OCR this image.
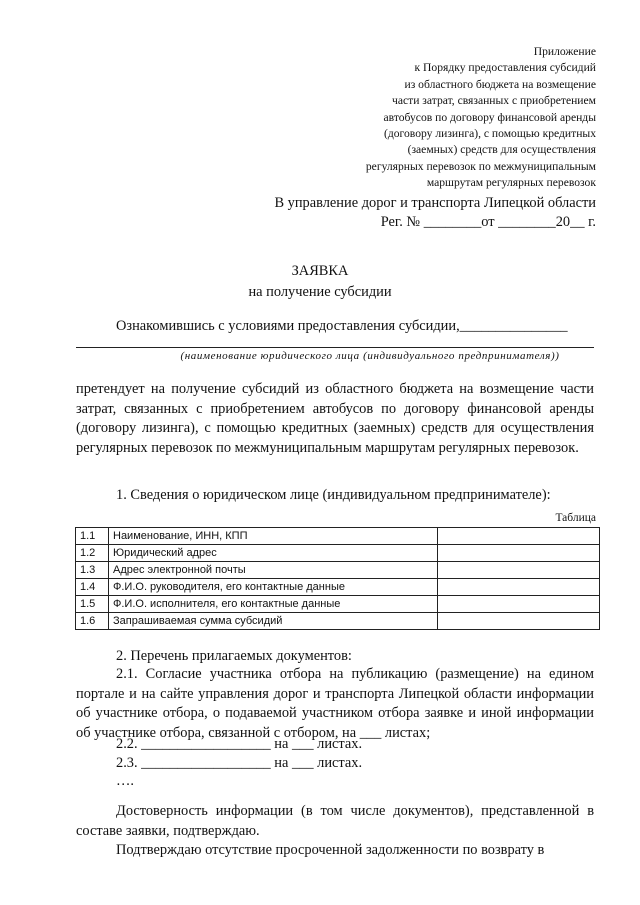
Приложение
к Порядку предоставления субсидий
из областного бюджета на возмещение
части затрат, связанных с приобретением
автобусов по договору финансовой аренды
(договору лизинга), с помощью кредитных
(заемных) средств для осуществления
регулярных перевозок по межмуниципальным
маршрутам регулярных перевозок
В управление дорог и транспорта Липецкой области
Рег. № ________от ________20__ г.
ЗАЯВКА
на получение субсидии
Ознакомившись с условиями предоставления субсидии,_______________
(наименование юридического лица (индивидуального предпринимателя))
претендует на получение субсидий из областного бюджета на возмещение части затрат, связанных с приобретением автобусов по договору финансовой аренды (договору лизинга), с помощью кредитных (заемных) средств для осуществления регулярных перевозок по межмуниципальным маршрутам регулярных перевозок.
1. Сведения о юридическом лице (индивидуальном предпринимателе):
Таблица
1.1	Наименование, ИНН, КПП	
1.2	Юридический адрес	
1.3	Адрес электронной почты	
1.4	Ф.И.О. руководителя, его контактные данные	
1.5	Ф.И.О. исполнителя, его контактные данные	
1.6	Запрашиваемая сумма субсидий	
2. Перечень прилагаемых документов:
2.1. Согласие участника отбора на публикацию (размещение) на едином портале и на сайте управления дорог и транспорта Липецкой области информации об участнике отбора, о подаваемой участником отбора заявке и иной информации об участнике отбора, связанной с отбором, на ___ листах;
2.2. __________________ на ___ листах.
2.3. __________________ на ___ листах.
….
Достоверность информации (в том числе документов), представленной в составе заявки, подтверждаю.
Подтверждаю отсутствие просроченной задолженности по возврату в
